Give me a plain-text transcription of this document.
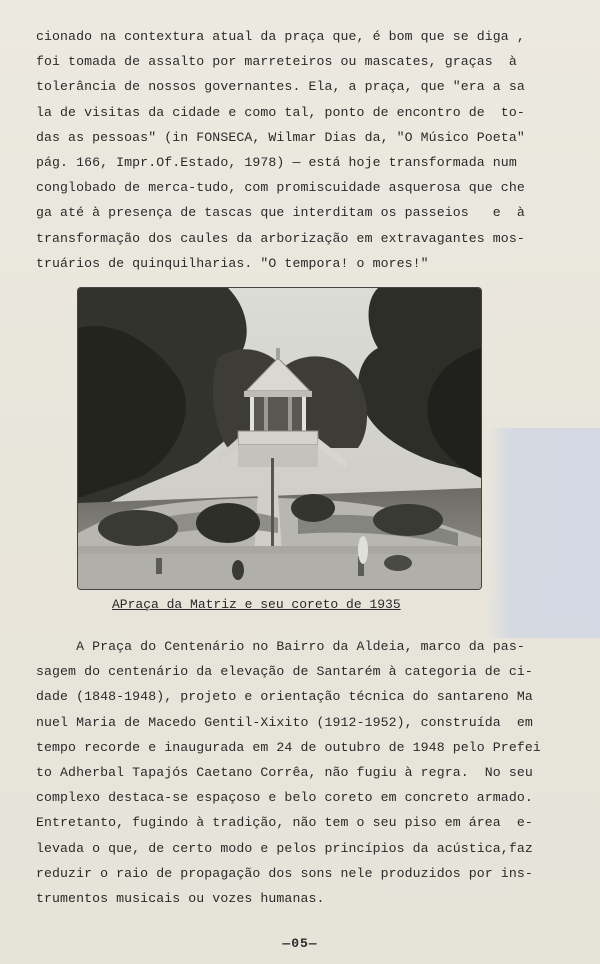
cionado na contextura atual da praça que, é bom que se diga ,
foi tomada de assalto por marreteiros ou mascates, graças  à
tolerância de nossos governantes. Ela, a praça, que "era a sa
la de visitas da cidade e como tal, ponto de encontro de  to-
das as pessoas" (in FONSECA, Wilmar Dias da, "O Músico Poeta"
pág. 166, Impr.Of.Estado, 1978) — está hoje transformada num
conglobado de merca-tudo, com promiscuidade asquerosa que che
ga até à presença de tascas que interditam os passeios   e  à
transformação dos caules da arborização em extravagantes mos-
truários de quinquilharias. "O tempora! o mores!"

APraça da Matriz e seu coreto de 1935

A Praça do Centenário no Bairro da Aldeia, marco da pas-
sagem do centenário da elevação de Santarém à categoria de ci-
dade (1848-1948), projeto e orientação técnica do santareno Ma
nuel Maria de Macedo Gentil-Xixito (1912-1952), construída  em
tempo recorde e inaugurada em 24 de outubro de 1948 pelo Prefei
to Adherbal Tapajós Caetano Corrêa, não fugiu à regra.  No seu
complexo destaca-se espaçoso e belo coreto em concreto armado.
Entretanto, fugindo à tradição, não tem o seu piso em área  e-
levada o que, de certo modo e pelos princípios da acústica,faz
reduzir o raio de propagação dos sons nele produzidos por ins-
trumentos musicais ou vozes humanas.

—05—
